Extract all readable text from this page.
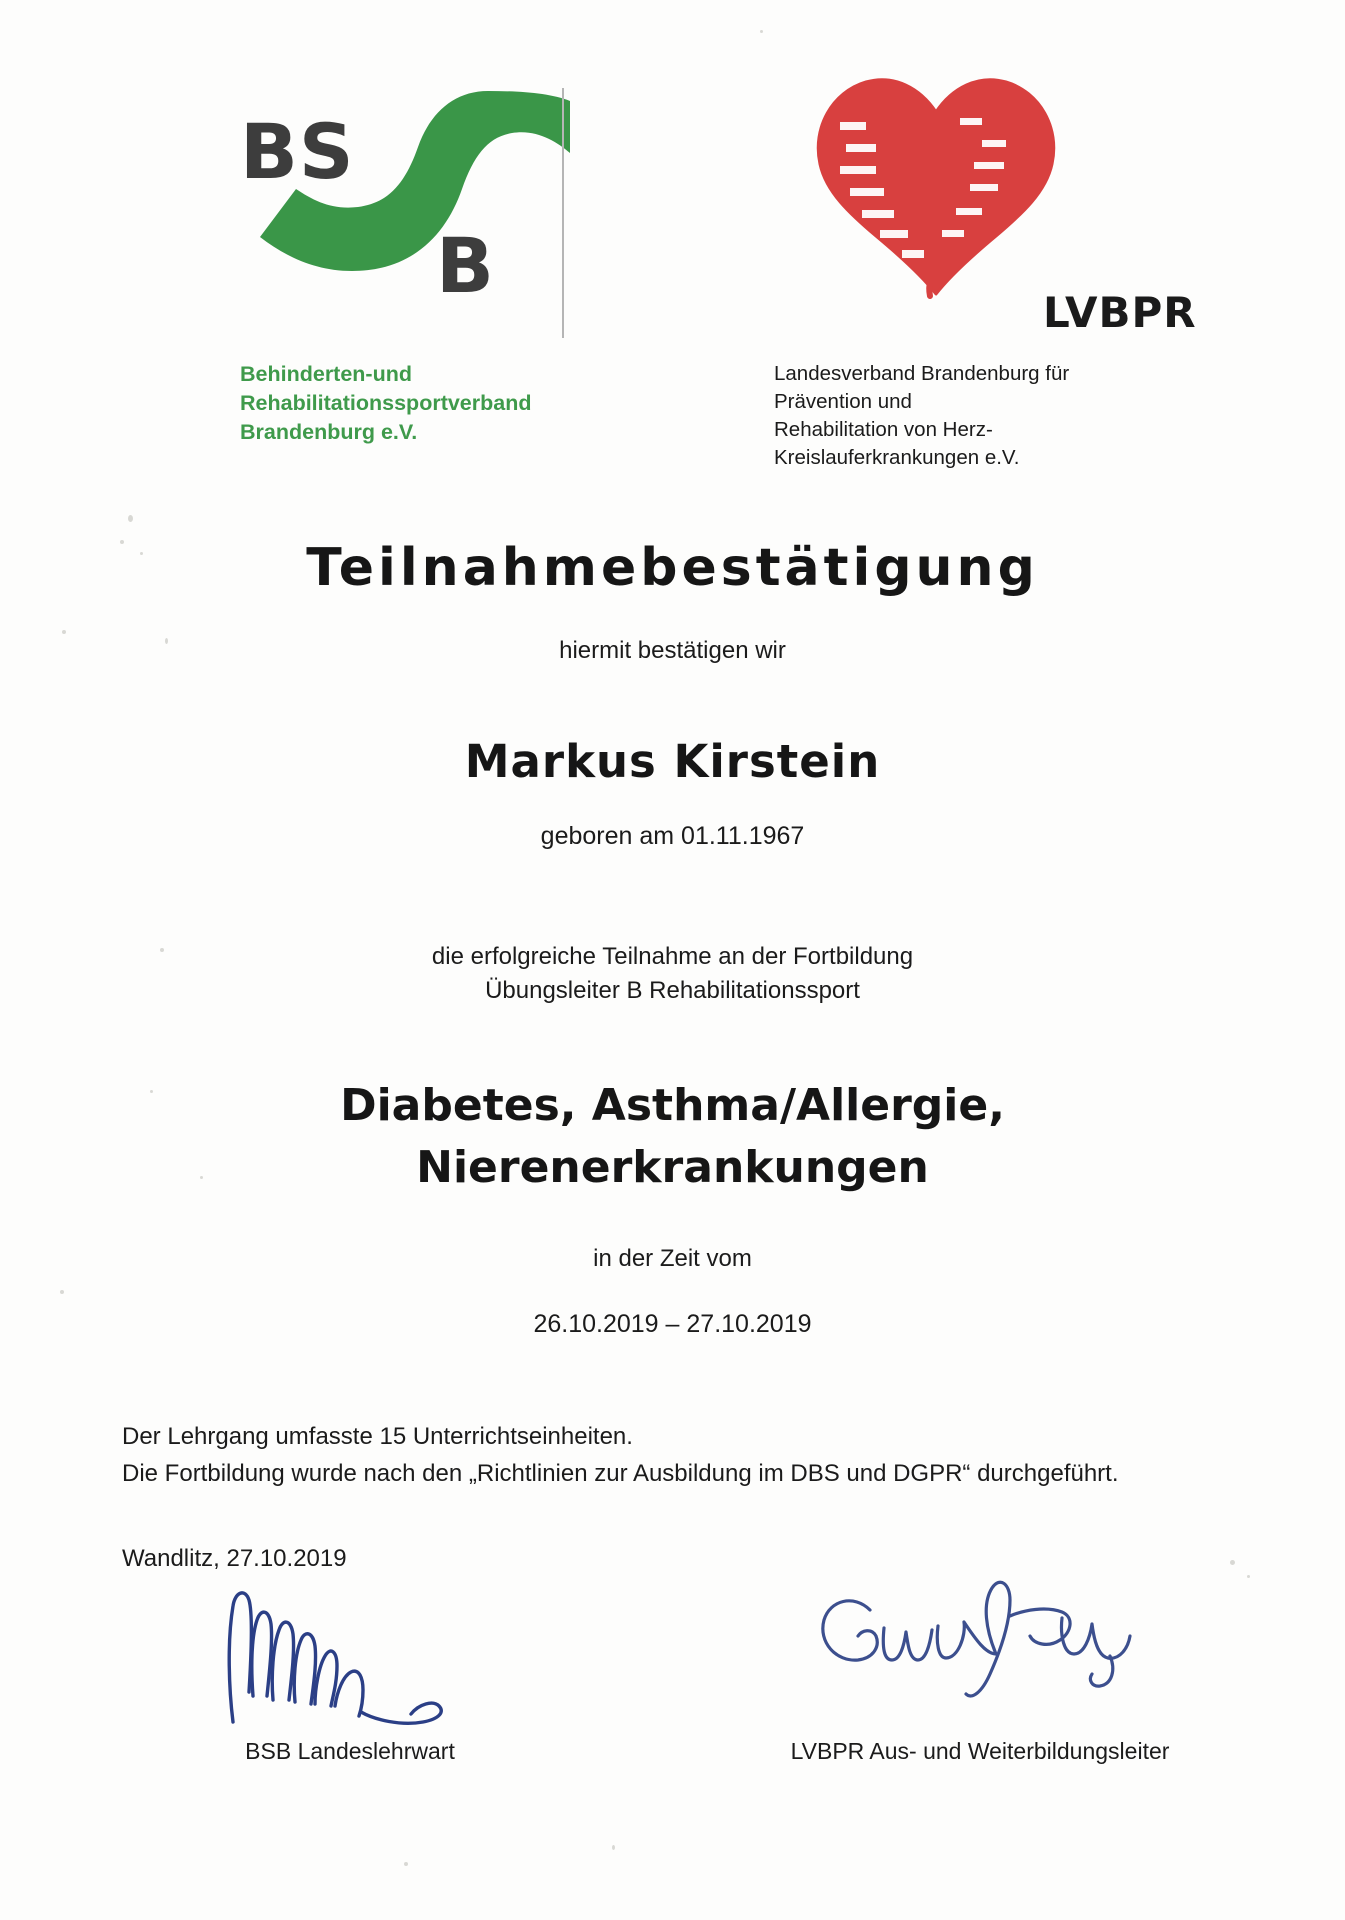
BS
B
Behinderten-und
Rehabilitationssportverband
Brandenburg e.V.
LVBPR
Landesverband Brandenburg für
Prävention und
Rehabilitation von Herz-
Kreislauferkrankungen e.V.
Teilnahmebestätigung
hiermit bestätigen wir
Markus Kirstein
geboren am 01.11.1967
die erfolgreiche Teilnahme an der Fortbildung
Übungsleiter B Rehabilitationssport
Diabetes, Asthma/Allergie,
Nierenerkrankungen
in der Zeit vom
26.10.2019 – 27.10.2019
Der Lehrgang umfasste 15 Unterrichtseinheiten.
Die Fortbildung wurde nach den „Richtlinien zur Ausbildung im DBS und DGPR“ durchgeführt.
Wandlitz, 27.10.2019
BSB Landeslehrwart	LVBPR Aus- und Weiterbildungsleiter
